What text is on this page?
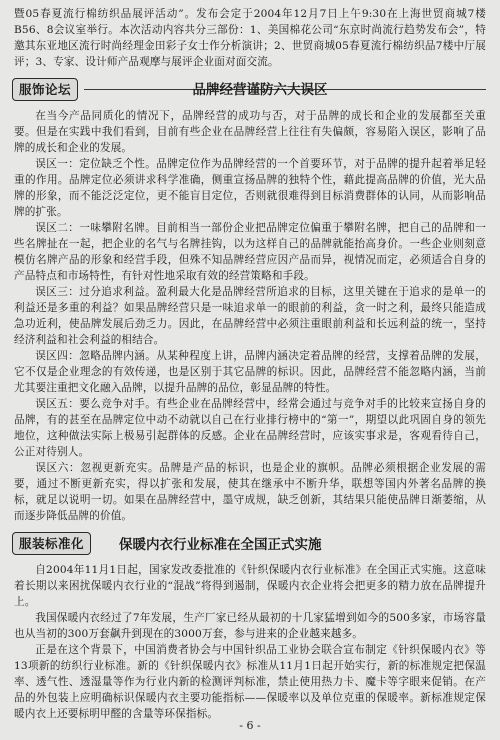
暨05春夏流行棉纺织品展评活动”。发布会定于2004年12月7日上午9:30在上海世贸商城7楼B56、8会议室举行。本次活动内容共分三部份：1、美国棉花公司“东京时尚流行趋势发布会”，特邀其东亚地区流行时尚经理金田彩子女士作分析演讲；2、世贸商城05春夏流行棉纺织品7楼中厅展评；3、专家、设计师产品观摩与展评企业面对面交流。

服饰论坛	品牌经营谨防六大误区

在当今产品同质化的情况下，品牌经营的成功与否，对于品牌的成长和企业的发展都至关重要。但是在实践中我们看到，目前有些企业在品牌经营上往往有失偏颇，容易陷入误区，影响了品牌的成长和企业的发展。

误区一：定位缺乏个性。品牌定位作为品牌经营的一个首要环节，对于品牌的提升起着举足轻重的作用。品牌定位必须讲求科学准确，侧重宣扬品牌的独特个性，藉此提高品牌的价值，光大品牌的形象，而不能泛泛定位，更不能盲目定位，否则就很难得到目标消费群体的认同，从而影响品牌的扩张。

误区二：一味攀附名牌。目前相当一部份企业把品牌定位偏重于攀附名牌，把自己的品牌和一些名牌扯在一起，把企业的名气与名牌挂钩，以为这样自己的品牌就能抬高身价。一些企业则刻意模仿名牌产品的形象和经营手段，但殊不知品牌经营应因产品而异，视情况而定，必须适合自身的产品特点和市场特性，有针对性地采取有效的经营策略和手段。

误区三：过分追求利益。盈利最大化是品牌经营所追求的目标，这里关键在于追求的是单一的利益还是多重的利益？如果品牌经营只是一味追求单一的眼前的利益，贪一时之利，最终只能造成急功近利，使品牌发展后劲乏力。因此，在品牌经营中必须注重眼前利益和长远利益的统一，坚持经济利益和社会利益的相结合。

误区四：忽略品牌内涵。从某种程度上讲，品牌内涵决定着品牌的经营，支撑着品牌的发展，它不仅是企业理念的有效传递，也是区别于其它品牌的标识。因此，品牌经营不能忽略内涵，当前尤其要注重把文化融入品牌，以提升品牌的品位，彰显品牌的特性。

误区五：要么竞争对手。有些企业在品牌经营中，经常会通过与竞争对手的比较来宣扬自身的品牌，有的甚至在品牌定位中动不动就以自己在行业排行榜中的“第一”，期望以此巩固自身的领先地位，这种做法实际上极易引起群体的反感。企业在品牌经营时，应该实事求是，客观看待自己，公正对待别人。

误区六：忽视更新充实。品牌是产品的标识，也是企业的旗帜。品牌必须根据企业发展的需要，通过不断更新充实，得以扩张和发展，使其在继承中不断升华，联想等国内外著名品牌的换标，就足以说明一切。如果在品牌经营中，墨守成规，缺乏创新，其结果只能使品牌日渐萎缩，从而逐步降低品牌的价值。

服装标准化	保暖内衣行业标准在全国正式实施

自2004年11月1日起，国家发改委批准的《针织保暖内衣行业标准》在全国正式实施。这意味着长期以来困扰保暖内衣行业的“混战”将得到遏制，保暖内衣企业将会把更多的精力放在品牌提升上。

我国保暖内衣经过了7年发展，生产厂家已经从最初的十几家猛增到如今的500多家，市场容量也从当初的300万套飙升到现在的3000万套，参与进来的企业越来越多。

正是在这个背景下，中国消费者协会与中国针织品工业协会联合宣布制定《针织保暖内衣》等13项新的纺织行业标准。新的《针织保暖内衣》标准从11月1日起开始实行，新的标准规定把保温率、透气性、透湿量等作为行业内新的检测评判标准，禁止使用热力卡、魔卡等字眼来促销。在产品的外包装上应明确标识保暖内衣主要功能指标——保暖率以及单位克重的保暖率。新标准规定保暖内衣上还要标明甲醛的含量等环保指标。

- 6 -
